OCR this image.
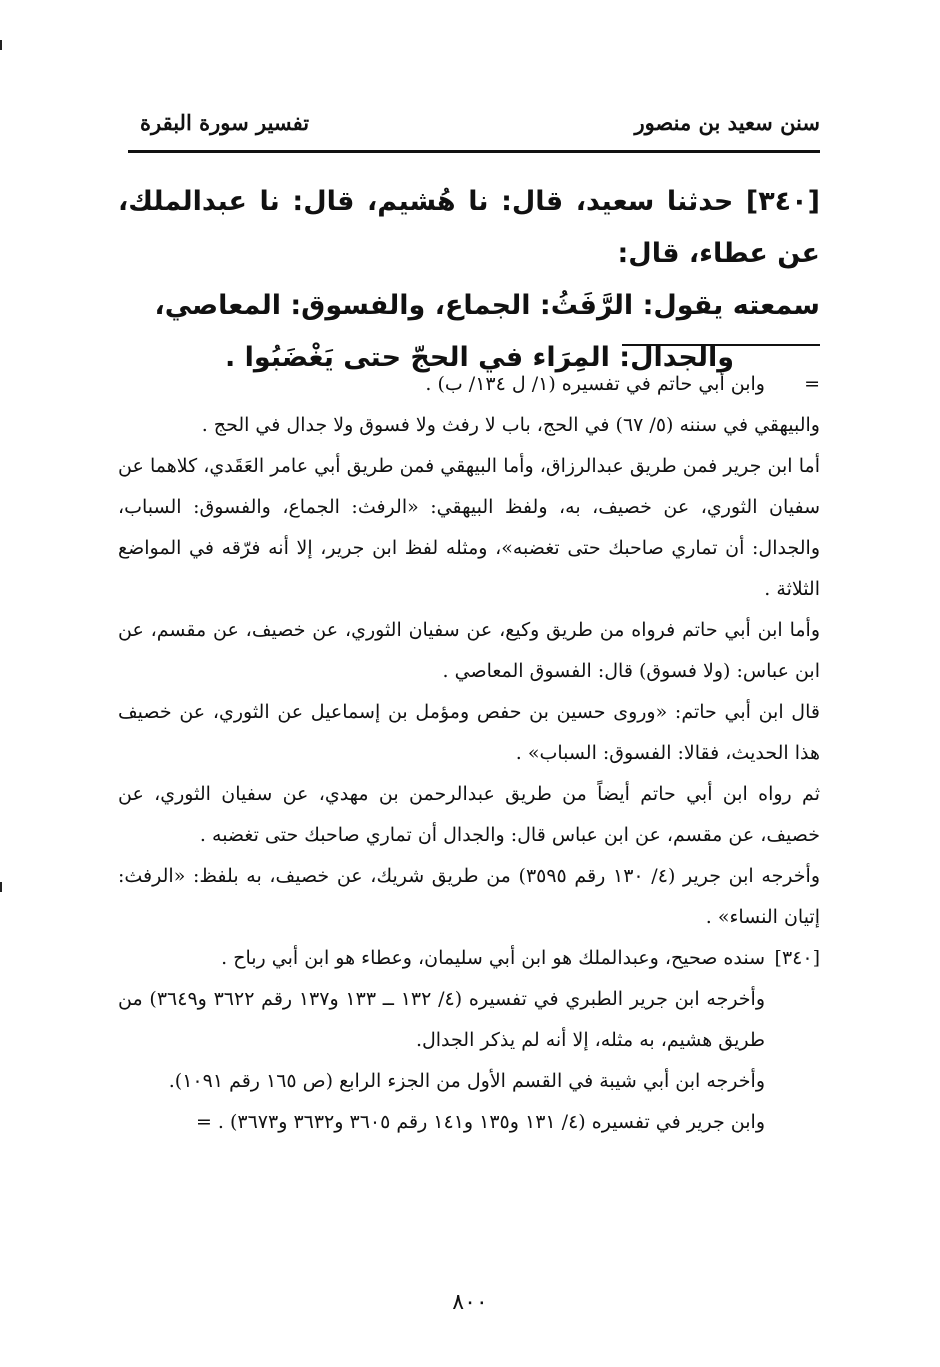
سنن سعيد بن منصور
تفسير سورة البقرة

[٣٤٠] حدثنا سعيد، قال: نا هُشيم، قال: نا عبدالملك، عن عطاء، قال:

سمعته يقول: الرَّفَثُ: الجماع، والفسوق: المعاصي،

والجدال: المِرَاء في الحجّ حتى يَغْضَبُوا .

=
وابن أبي حاتم في تفسيره (١/ ل ١٣٤/ ب) .
والبيهقي في سننه (٥/ ٦٧) في الحج، باب لا رفث ولا فسوق ولا جدال في الحج .
أما ابن جرير فمن طريق عبدالرزاق، وأما البيهقي فمن طريق أبي عامر العَقَدي، كلاهما عن سفيان الثوري، عن خصيف، به، ولفظ البيهقي: «الرفث: الجماع، والفسوق: السباب، والجدال: أن تماري صاحبك حتى تغضبه»، ومثله لفظ ابن جرير، إلا أنه فرّقه في المواضع الثلاثة .
وأما ابن أبي حاتم فرواه من طريق وكيع، عن سفيان الثوري، عن خصيف، عن مقسم، عن ابن عباس: (ولا فسوق) قال: الفسوق المعاصي .
قال ابن أبي حاتم: «وروى حسين بن حفص ومؤمل بن إسماعيل عن الثوري، عن خصيف هذا الحديث، فقالا: الفسوق: السباب» .
ثم رواه ابن أبي حاتم أيضاً من طريق عبدالرحمن بن مهدي، عن سفيان الثوري، عن خصيف، عن مقسم، عن ابن عباس قال: والجدال أن تماري صاحبك حتى تغضبه .
وأخرجه ابن جرير (٤/ ١٣٠ رقم ٣٥٩٥) من طريق شريك، عن خصيف، به بلفظ: «الرفث: إتيان النساء» .
[٣٤٠]
سنده صحيح، وعبدالملك هو ابن أبي سليمان، وعطاء هو ابن أبي رباح .
وأخرجه ابن جرير الطبري في تفسيره (٤/ ١٣٢ ــ ١٣٣ و١٣٧ رقم ٣٦٢٢ و٣٦٤٩) من طريق هشيم، به مثله، إلا أنه لم يذكر الجدال.
وأخرجه ابن أبي شيبة في القسم الأول من الجزء الرابع (ص ١٦٥ رقم ١٠٩١).
وابن جرير في تفسيره (٤/ ١٣١ و١٣٥ و١٤١ رقم ٣٦٠٥ و٣٦٣٢ و٣٦٧٣) . =
٨٠٠
